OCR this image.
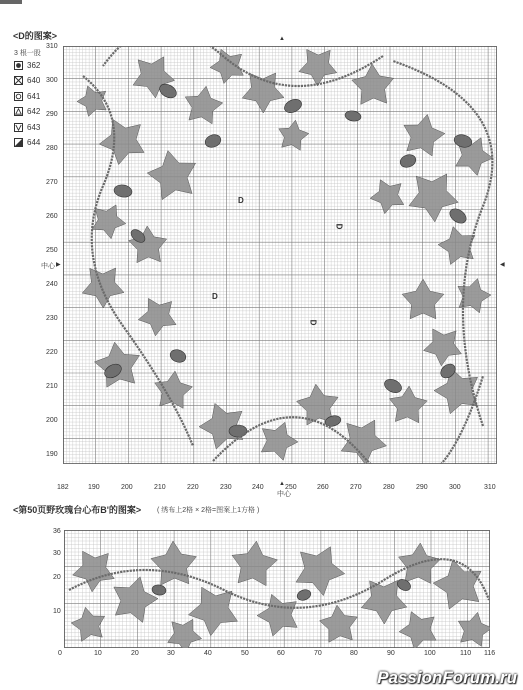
<D的图案>
3 根一股
362
640
641
642
643
644
310
300
290
280
270
260
250
240
230
220
210
200
190
182	190	200	210	220	230	240	250	260	270	280	290	300	310
▲
中心 ▶
中心
▲
◀
D
D
D
D
<第50页野玫瑰台心布B'的图案> ( 绣布上2格 × 2格=图案上1方格 )
36
30
20
10
0	10	20	30	40	50	60	70	80	90	100	110 116
PassionForum.ru
